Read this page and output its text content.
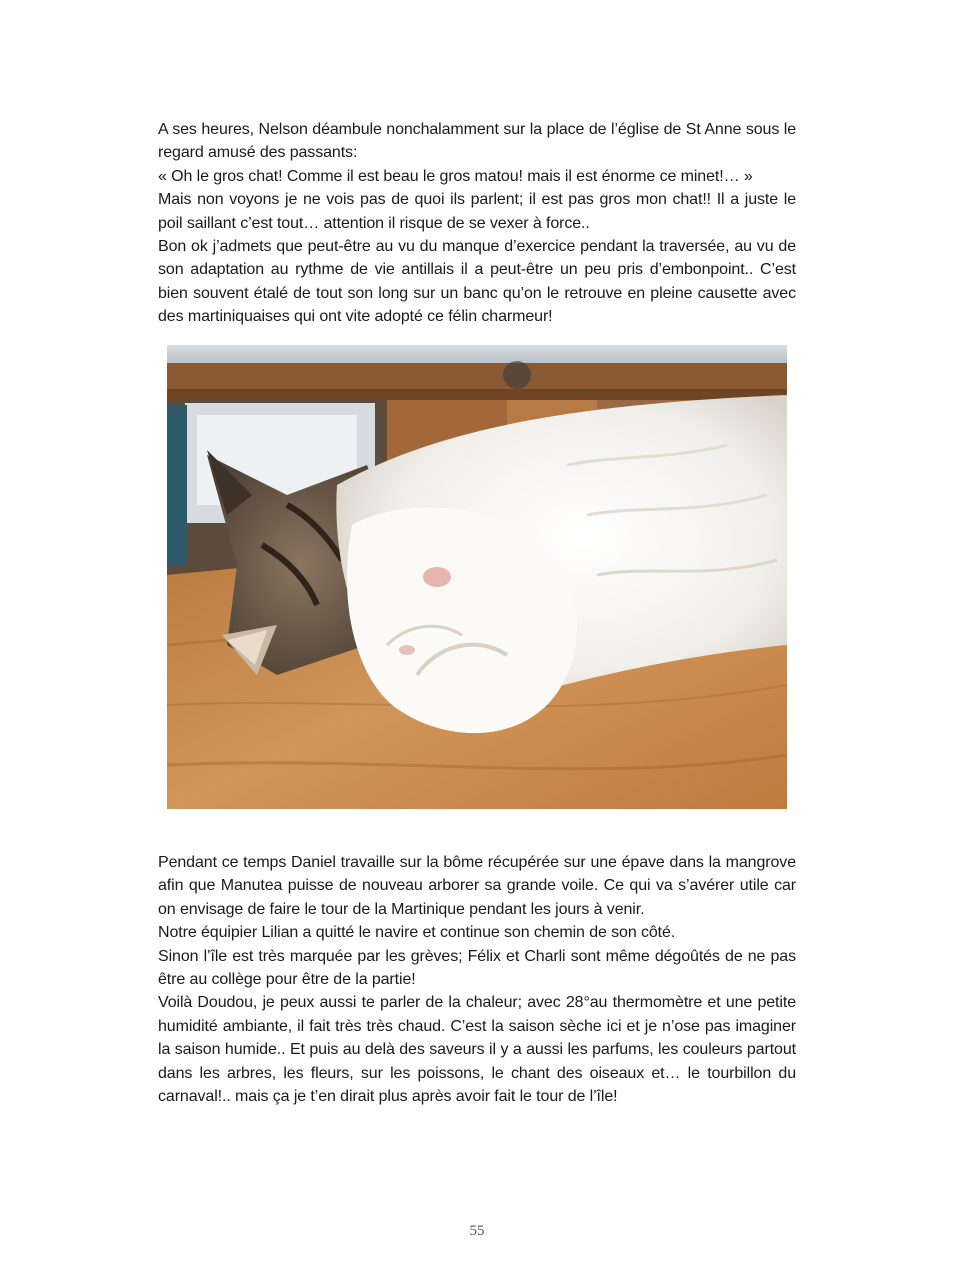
A ses heures, Nelson déambule nonchalamment sur la place de l’église de St Anne sous le regard amusé des passants:

« Oh le gros chat! Comme il est beau le gros matou! mais il est énorme ce minet!… »

Mais non voyons je ne vois pas de quoi ils parlent; il est pas gros mon chat!! Il a juste le poil saillant c’est tout… attention il risque de se vexer à force..

Bon ok j’admets que peut-être au vu du manque d’exercice pendant la traversée, au vu de son adaptation au rythme de vie antillais il a peut-être un peu pris d’embonpoint.. C’est bien souvent étalé de tout son long sur un banc qu’on le retrouve en pleine causette avec des martiniquaises qui ont vite adopté ce félin charmeur!

Pendant ce temps Daniel travaille sur la bôme récupérée sur une épave dans la mangrove afin que Manutea puisse de nouveau arborer sa grande voile. Ce qui va s’avérer utile car on envisage de faire le tour de la Martinique pendant les jours à venir.

Notre équipier Lilian a quitté le navire et continue son chemin de son côté.

Sinon l’île est très marquée par les grèves; Félix et Charli sont même dégoûtés de ne pas être au collège pour être de la partie!

Voilà Doudou, je peux aussi te parler de la chaleur; avec 28°au thermomètre et une petite humidité ambiante, il fait très très chaud. C’est la saison sèche ici et je n’ose pas imaginer la saison humide.. Et puis au delà des saveurs il y a aussi les parfums, les couleurs partout dans les arbres, les fleurs, sur les poissons, le chant des oiseaux et… le tourbillon du carnaval!.. mais ça je t’en dirait plus après avoir fait le tour de l’île!

55
